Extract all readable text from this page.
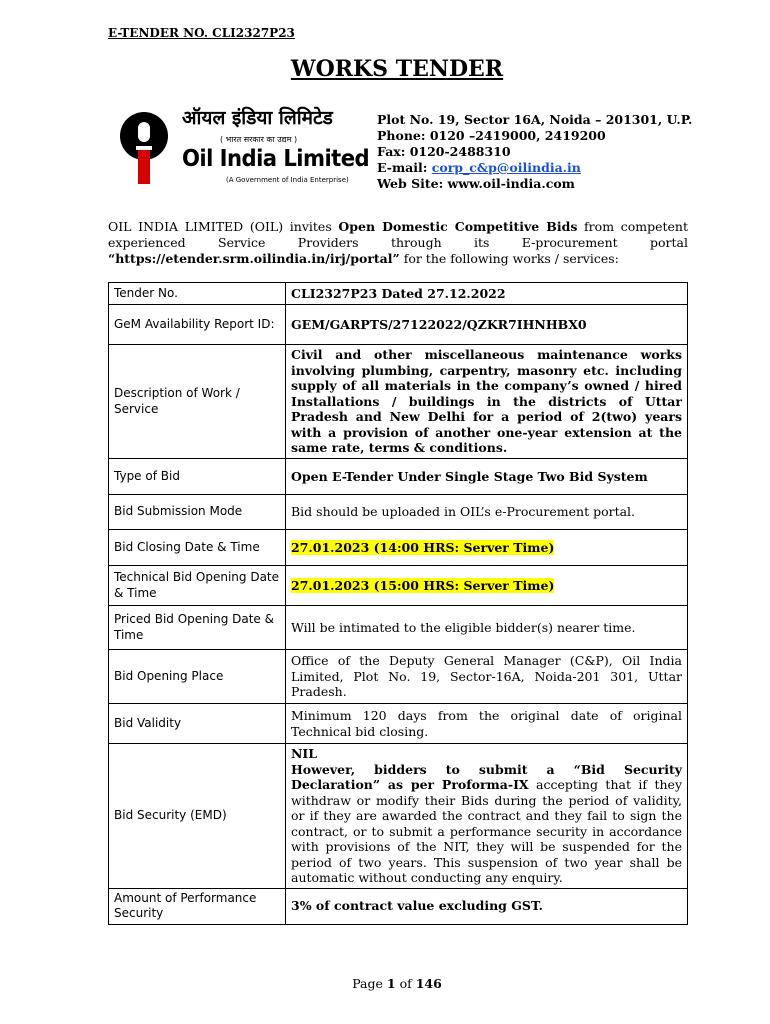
E-TENDER NO. CLI2327P23
WORKS TENDER
ऑयल इंडिया लिमिटेड
( भारत सरकार का उद्यम )
Oil India Limited
(A Government of India Enterprise)
Plot No. 19, Sector 16A, Noida – 201301, U.P.
Phone: 0120 –2419000, 2419200
Fax: 0120-2488310
E-mail: corp_c&p@oilindia.in
Web Site: www.oil-india.com
OIL INDIA LIMITED (OIL) invites Open Domestic Competitive Bids from competent experienced Service Providers through its E-procurement portal “https://etender.srm.oilindia.in/irj/portal” for the following works / services:
Tender No.	CLI2327P23 Dated 27.12.2022
GeM Availability Report ID:	GEM/GARPTS/27122022/QZKR7IHNHBX0
Description of Work / Service	Civil and other miscellaneous maintenance works involving plumbing, carpentry, masonry etc. including supply of all materials in the company’s owned / hired Installations / buildings in the districts of Uttar Pradesh and New Delhi for a period of 2(two) years with a provision of another one-year extension at the same rate, terms & conditions.
Type of Bid	Open E-Tender Under Single Stage Two Bid System
Bid Submission Mode	Bid should be uploaded in OIL’s e-Procurement portal.
Bid Closing Date & Time	27.01.2023 (14:00 HRS: Server Time)
Technical Bid Opening Date & Time	27.01.2023 (15:00 HRS: Server Time)
Priced Bid Opening Date & Time	Will be intimated to the eligible bidder(s) nearer time.
Bid Opening Place	Office of the Deputy General Manager (C&P), Oil India Limited, Plot No. 19, Sector-16A, Noida-201 301, Uttar Pradesh.
Bid Validity	Minimum 120 days from the original date of original Technical bid closing.
Bid Security (EMD)	NIL
However, bidders to submit a “Bid Security Declaration” as per Proforma-IX accepting that if they withdraw or modify their Bids during the period of validity, or if they are awarded the contract and they fail to sign the contract, or to submit a performance security in accordance with provisions of the NIT, they will be suspended for the period of two years. This suspension of two year shall be automatic without conducting any enquiry.
Amount of Performance Security	3% of contract value excluding GST.
Page 1 of 146
